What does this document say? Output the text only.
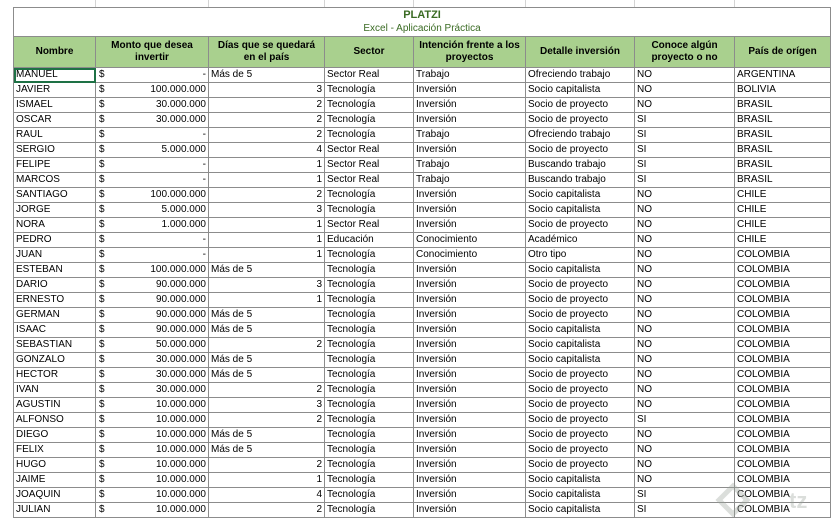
PLATZI							
Excel - Aplicación Práctica							
Nombre	Monto que desea invertir	Días que se quedará en el país	Sector	Intención frente a los proyectos	Detalle inversión	Conoce algún proyecto o no	País de orígen
MANUEL	$ -	Más de 5	Sector Real	Trabajo	Ofreciendo trabajo	NO	ARGENTINA
JAVIER	$ 100.000.000	3	Tecnología	Inversión	Socio capitalista	NO	BOLIVIA
ISMAEL	$ 30.000.000	2	Tecnología	Inversión	Socio de proyecto	NO	BRASIL
OSCAR	$ 30.000.000	2	Tecnología	Inversión	Socio de proyecto	SI	BRASIL
RAUL	$ -	2	Tecnología	Trabajo	Ofreciendo trabajo	SI	BRASIL
SERGIO	$ 5.000.000	4	Sector Real	Inversión	Socio de proyecto	SI	BRASIL
FELIPE	$ -	1	Sector Real	Trabajo	Buscando trabajo	SI	BRASIL
MARCOS	$ -	1	Sector Real	Trabajo	Buscando trabajo	SI	BRASIL
SANTIAGO	$ 100.000.000	2	Tecnología	Inversión	Socio capitalista	NO	CHILE
JORGE	$ 5.000.000	3	Tecnología	Inversión	Socio capitalista	NO	CHILE
NORA	$ 1.000.000	1	Sector Real	Inversión	Socio de proyecto	NO	CHILE
PEDRO	$ -	1	Educación	Conocimiento	Académico	NO	CHILE
JUAN	$ -	1	Tecnología	Conocimiento	Otro tipo	NO	COLOMBIA
ESTEBAN	$ 100.000.000	Más de 5	Tecnología	Inversión	Socio capitalista	NO	COLOMBIA
DARIO	$ 90.000.000	3	Tecnología	Inversión	Socio de proyecto	NO	COLOMBIA
ERNESTO	$ 90.000.000	1	Tecnología	Inversión	Socio de proyecto	NO	COLOMBIA
GERMAN	$ 90.000.000	Más de 5	Tecnología	Inversión	Socio de proyecto	NO	COLOMBIA
ISAAC	$ 90.000.000	Más de 5	Tecnología	Inversión	Socio capitalista	NO	COLOMBIA
SEBASTIAN	$ 50.000.000	2	Tecnología	Inversión	Socio capitalista	NO	COLOMBIA
GONZALO	$ 30.000.000	Más de 5	Tecnología	Inversión	Socio capitalista	NO	COLOMBIA
HECTOR	$ 30.000.000	Más de 5	Tecnología	Inversión	Socio de proyecto	NO	COLOMBIA
IVAN	$ 30.000.000	2	Tecnología	Inversión	Socio de proyecto	NO	COLOMBIA
AGUSTIN	$ 10.000.000	3	Tecnología	Inversión	Socio de proyecto	NO	COLOMBIA
ALFONSO	$ 10.000.000	2	Tecnología	Inversión	Socio de proyecto	SI	COLOMBIA
DIEGO	$ 10.000.000	Más de 5	Tecnología	Inversión	Socio de proyecto	NO	COLOMBIA
FELIX	$ 10.000.000	Más de 5	Tecnología	Inversión	Socio de proyecto	NO	COLOMBIA
HUGO	$ 10.000.000	2	Tecnología	Inversión	Socio de proyecto	NO	COLOMBIA
JAIME	$ 10.000.000	1	Tecnología	Inversión	Socio capitalista	NO	COLOMBIA
JOAQUIN	$ 10.000.000	4	Tecnología	Inversión	Socio capitalista	SI	COLOMBIA
JULIAN	$ 10.000.000	2	Tecnología	Inversión	Socio capitalista	SI	COLOMBIA tz
